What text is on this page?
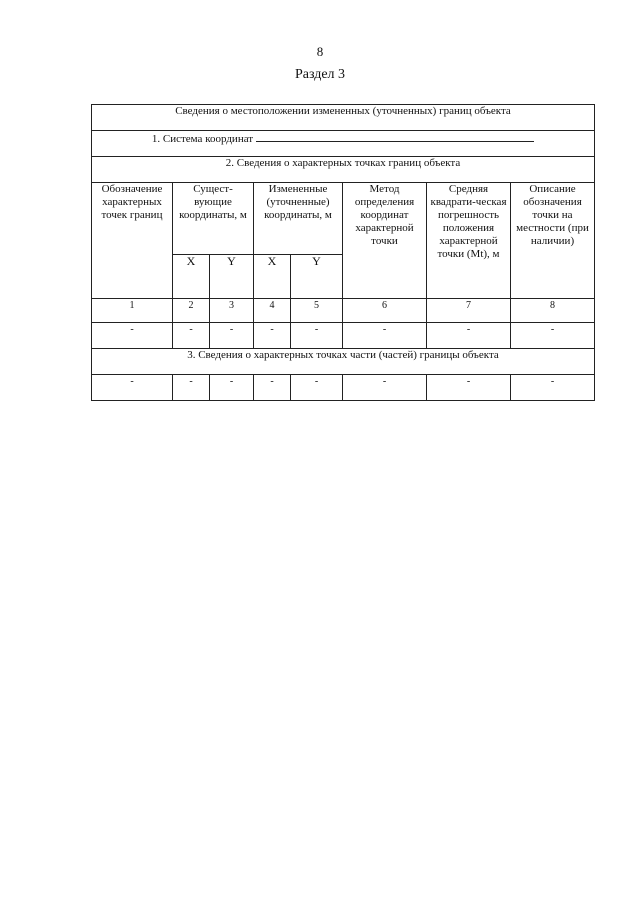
8
Раздел 3
Сведения о местоположении измененных (уточненных) границ объекта							
1. Система координат							
2. Сведения о характерных точках границ объекта							
Обозначение характерных точек границ	Сущест-вующие координаты, м		Измененные (уточненные) координаты, м		Метод определения координат характерной точки	Средняя квадрати-ческая погрешность положения характерной точки (Mt), м	Описание обозначения точки на местности (при наличии)
	X	Y	X	Y			
1	2	3	4	5	6	7	8
-	-	-	-	-	-	-	-
3. Сведения о характерных точках части (частей) границы объекта							
-	-	-	-	-	-	-	-
